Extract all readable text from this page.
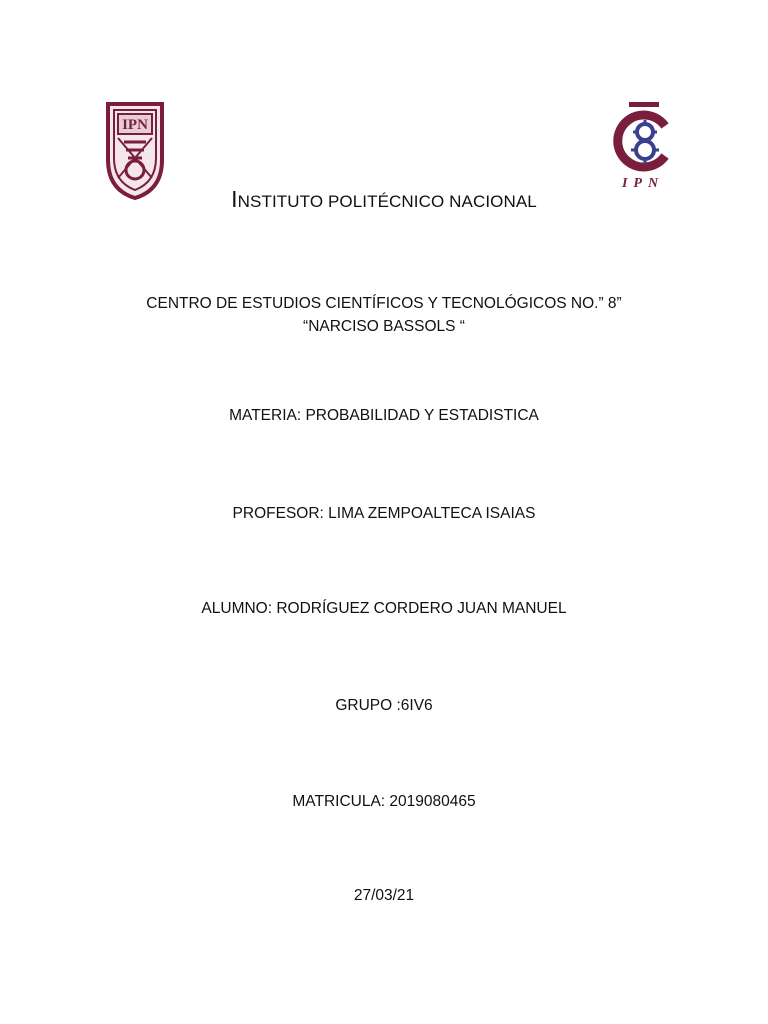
IPN
IPN
INSTITUTO POLITÉCNICO NACIONAL
CENTRO DE ESTUDIOS CIENTÍFICOS Y TECNOLÓGICOS NO.” 8”
“NARCISO BASSOLS “
MATERIA: PROBABILIDAD Y ESTADISTICA
PROFESOR: LIMA ZEMPOALTECA ISAIAS
ALUMNO: RODRÍGUEZ CORDERO JUAN MANUEL
GRUPO :6IV6
MATRICULA: 2019080465
27/03/21
